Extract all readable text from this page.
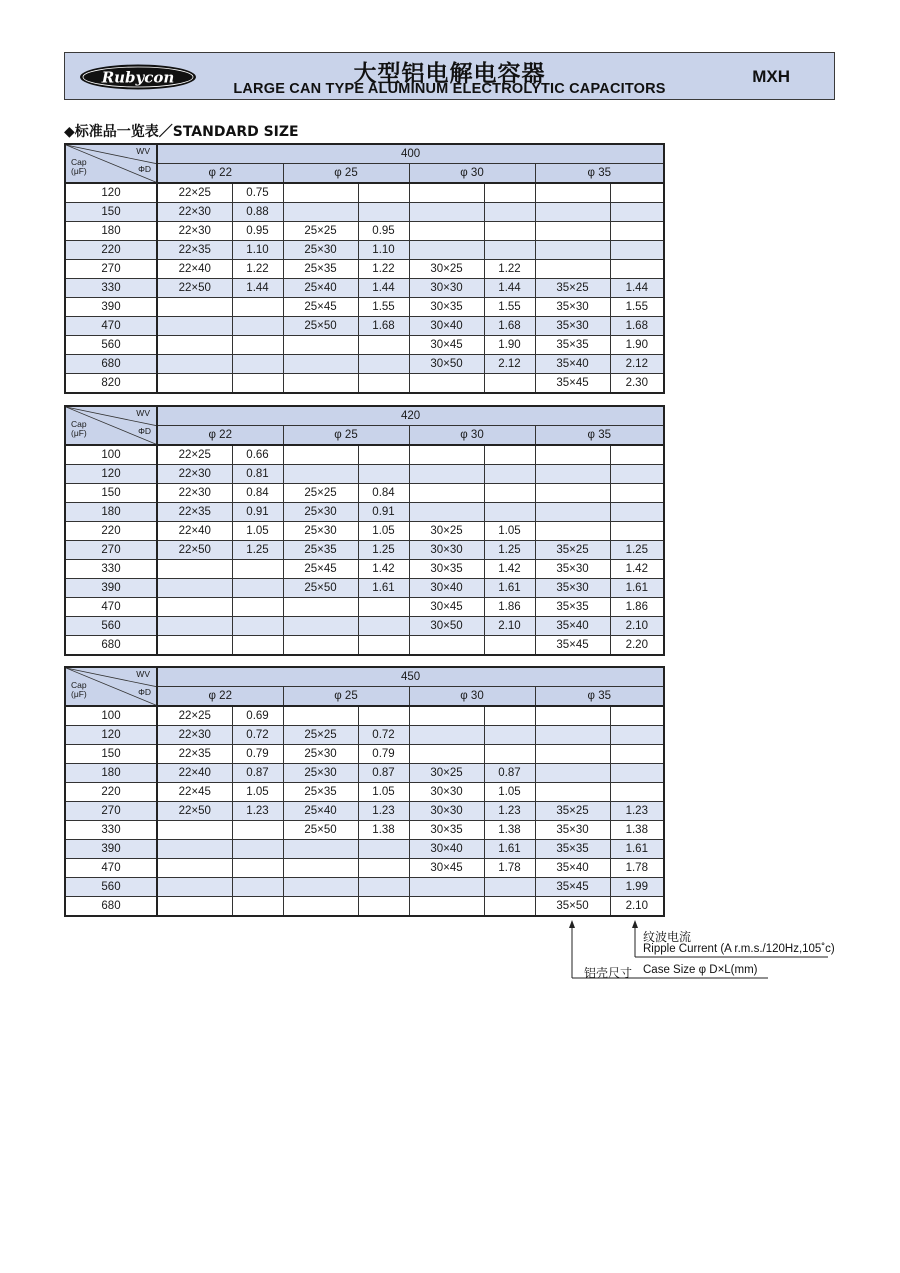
Rubycon	大型铝电解电容器
LARGE CAN TYPE ALUMINUM ELECTROLYTIC CAPACITORS
MXH
◆标准品一览表／STANDARD SIZE
WV
ΦD
Cap
(μF)	400							
	φ 22		φ 25		φ 30		φ 35	
120	22×25	0.75						
150	22×30	0.88						
180	22×30	0.95	25×25	0.95				
220	22×35	1.10	25×30	1.10				
270	22×40	1.22	25×35	1.22	30×25	1.22		
330	22×50	1.44	25×40	1.44	30×30	1.44	35×25	1.44
390			25×45	1.55	30×35	1.55	35×30	1.55
470			25×50	1.68	30×40	1.68	35×30	1.68
560					30×45	1.90	35×35	1.90
680					30×50	2.12	35×40	2.12
820							35×45	2.30
WV
ΦD
Cap
(μF)	420							
	φ 22		φ 25		φ 30		φ 35	
100	22×25	0.66						
120	22×30	0.81						
150	22×30	0.84	25×25	0.84				
180	22×35	0.91	25×30	0.91				
220	22×40	1.05	25×30	1.05	30×25	1.05		
270	22×50	1.25	25×35	1.25	30×30	1.25	35×25	1.25
330			25×45	1.42	30×35	1.42	35×30	1.42
390			25×50	1.61	30×40	1.61	35×30	1.61
470					30×45	1.86	35×35	1.86
560					30×50	2.10	35×40	2.10
680							35×45	2.20
WV
ΦD
Cap
(μF)	450							
	φ 22		φ 25		φ 30		φ 35	
100	22×25	0.69						
120	22×30	0.72	25×25	0.72				
150	22×35	0.79	25×30	0.79				
180	22×40	0.87	25×30	0.87	30×25	0.87		
220	22×45	1.05	25×35	1.05	30×30	1.05		
270	22×50	1.23	25×40	1.23	30×30	1.23	35×25	1.23
330			25×50	1.38	30×35	1.38	35×30	1.38
390					30×40	1.61	35×35	1.61
470					30×45	1.78	35×40	1.78
560							35×45	1.99
680							35×50	2.10
纹波电流
Ripple Current (A r.m.s./120Hz,105˚c)
铝壳尺寸 Case Size φ D×L(mm)
